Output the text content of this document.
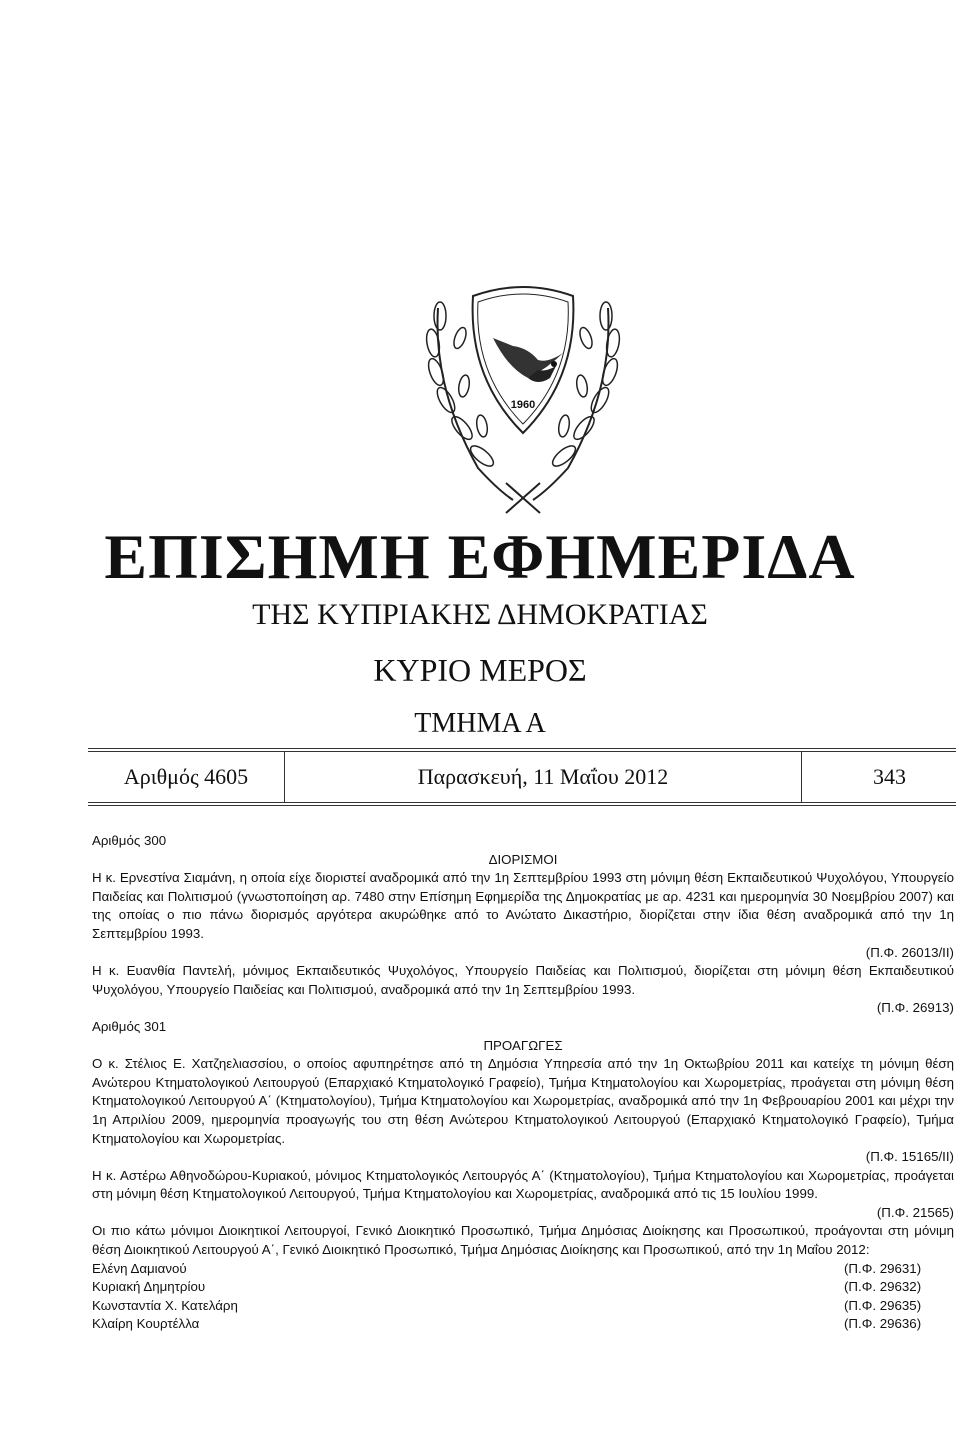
1960
ΕΠΙΣΗΜΗ ΕΦΗΜΕΡΙΔΑ
ΤΗΣ ΚΥΠΡΙΑΚΗΣ ΔΗΜΟΚΡΑΤΙΑΣ
ΚΥΡΙΟ ΜΕΡΟΣ
ΤΜΗΜΑ Α
Αριθμός 4605	Παρασκευή, 11 Μαΐου 2012	343

Αριθμός 300

ΔΙΟΡΙΣΜΟΙ

Η κ. Ερνεστίνα Σιαμάνη, η οποία είχε διοριστεί αναδρομικά από την 1η Σεπτεμβρίου 1993 στη μόνιμη θέση Εκπαιδευτικού Ψυχολόγου, Υπουργείο Παιδείας και Πολιτισμού (γνωστοποίηση αρ. 7480 στην Επίσημη Εφημερίδα της Δημοκρατίας με αρ. 4231 και ημερομηνία 30 Νοεμβρίου 2007) και της οποίας ο πιο πάνω διορισμός αργότερα ακυρώθηκε από το Ανώτατο Δικαστήριο, διορίζεται στην ίδια θέση αναδρομικά από την 1η Σεπτεμβρίου 1993.

(Π.Φ. 26013/ΙΙ)

Η κ. Ευανθία Παντελή, μόνιμος Εκπαιδευτικός Ψυχολόγος, Υπουργείο Παιδείας και Πολιτισμού, διορίζεται στη μόνιμη θέση Εκπαιδευτικού Ψυχολόγου, Υπουργείο Παιδείας και Πολιτισμού, αναδρομικά από την 1η Σεπτεμβρίου 1993.

(Π.Φ. 26913)

Αριθμός 301

ΠΡΟΑΓΩΓΕΣ

Ο κ. Στέλιος Ε. Χατζηελιασσίου, ο οποίος αφυπηρέτησε από τη Δημόσια Υπηρεσία από την 1η Οκτωβρίου 2011 και κατείχε τη μόνιμη θέση Ανώτερου Κτηματολογικού Λειτουργού (Επαρχιακό Κτηματολογικό Γραφείο), Τμήμα Κτηματολογίου και Χωρομετρίας, προάγεται στη μόνιμη θέση Κτηματολογικού Λειτουργού Α΄ (Κτηματολογίου), Τμήμα Κτηματολογίου και Χωρομετρίας, αναδρομικά από την 1η Φεβρουαρίου 2001 και μέχρι την 1η Απριλίου 2009, ημερομηνία προαγωγής του στη θέση Ανώτερου Κτηματολογικού Λειτουργού (Επαρχιακό Κτηματολογικό Γραφείο), Τμήμα Κτηματολογίου και Χωρομετρίας.

(Π.Φ. 15165/ΙΙ)

Η κ. Αστέρω Αθηνοδώρου-Κυριακού, μόνιμος Κτηματολογικός Λειτουργός Α΄ (Κτηματολογίου), Τμήμα Κτηματολογίου και Χωρομετρίας, προάγεται στη μόνιμη θέση Κτηματολογικού Λειτουργού, Τμήμα Κτηματολογίου και Χωρομετρίας, αναδρομικά από τις 15 Ιουλίου 1999.

(Π.Φ. 21565)

Οι πιο κάτω μόνιμοι Διοικητικοί Λειτουργοί, Γενικό Διοικητικό Προσωπικό, Τμήμα Δημόσιας Διοίκησης και Προσωπικού, προάγονται στη μόνιμη θέση Διοικητικού Λειτουργού Α΄, Γενικό Διοικητικό Προσωπικό, Τμήμα Δημόσιας Διοίκησης και Προσωπικού, από την 1η Μαΐου 2012:

Ελένη Δαμιανού	(Π.Φ. 29631)
Κυριακή Δημητρίου	(Π.Φ. 29632)
Κωνσταντία Χ. Κατελάρη	(Π.Φ. 29635)
Κλαίρη Κουρτέλλα	(Π.Φ. 29636)
